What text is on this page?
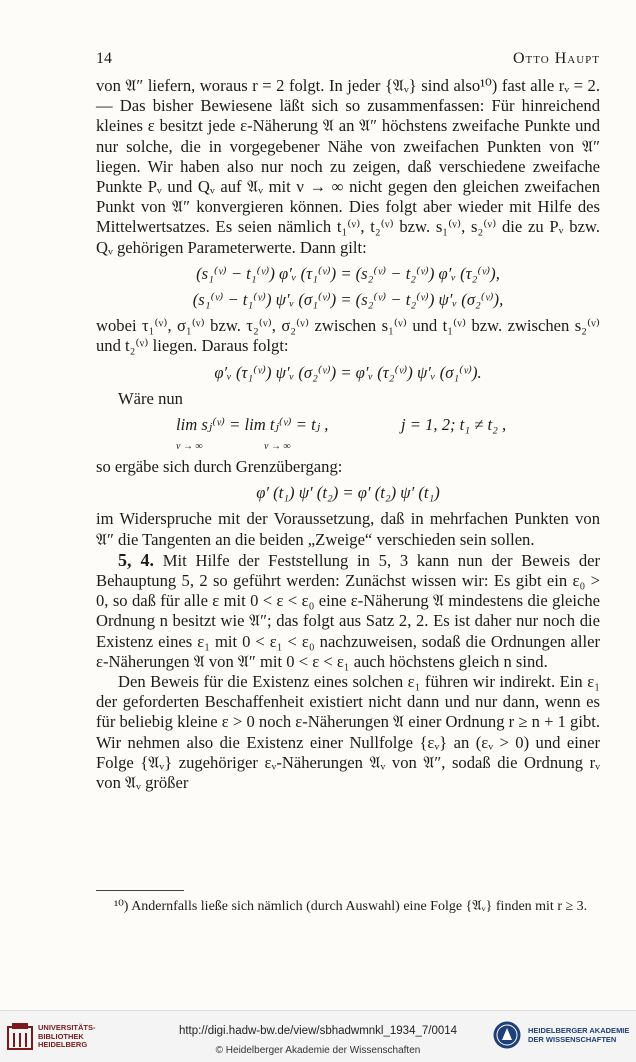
14	Otto Haupt

von 𝔄″ liefern, woraus r = 2 folgt. In jeder {𝔄ᵥ} sind also¹⁰) fast alle rᵥ = 2. — Das bisher Bewiesene läßt sich so zusammenfassen: Für hinreichend kleines ε besitzt jede ε-Näherung 𝔄 an 𝔄″ höchstens zweifache Punkte und nur solche, die in vorgegebener Nähe von zweifachen Punkten von 𝔄″ liegen. Wir haben also nur noch zu zeigen, daß verschiedene zweifache Punkte Pᵥ und Qᵥ auf 𝔄ᵥ mit ν → ∞ nicht gegen den gleichen zweifachen Punkt von 𝔄″ konvergieren können. Dies folgt aber wieder mit Hilfe des Mittelwertsatzes. Es seien nämlich t₁⁽ᵛ⁾, t₂⁽ᵛ⁾ bzw. s₁⁽ᵛ⁾, s₂⁽ᵛ⁾ die zu Pᵥ bzw. Qᵥ gehörigen Parameterwerte. Dann gilt:

(s₁⁽ᵛ⁾ − t₁⁽ᵛ⁾) φ′ᵥ (τ₁⁽ᵛ⁾) = (s₂⁽ᵛ⁾ − t₂⁽ᵛ⁾) φ′ᵥ (τ₂⁽ᵛ⁾),
(s₁⁽ᵛ⁾ − t₁⁽ᵛ⁾) ψ′ᵥ (σ₁⁽ᵛ⁾) = (s₂⁽ᵛ⁾ − t₂⁽ᵛ⁾) ψ′ᵥ (σ₂⁽ᵛ⁾),

wobei τ₁⁽ᵛ⁾, σ₁⁽ᵛ⁾ bzw. τ₂⁽ᵛ⁾, σ₂⁽ᵛ⁾ zwischen s₁⁽ᵛ⁾ und t₁⁽ᵛ⁾ bzw. zwischen s₂⁽ᵛ⁾ und t₂⁽ᵛ⁾ liegen. Daraus folgt:

φ′ᵥ (τ₁⁽ᵛ⁾) ψ′ᵥ (σ₂⁽ᵛ⁾) = φ′ᵥ (τ₂⁽ᵛ⁾) ψ′ᵥ (σ₁⁽ᵛ⁾).

Wäre nun

lim sⱼ⁽ᵛ⁾ = lim tⱼ⁽ᵛ⁾ = tⱼ ,
ν → ∞	ν → ∞
j = 1, 2; t₁ ≠ t₂ ,

so ergäbe sich durch Grenzübergang:

φ′ (t₁) ψ′ (t₂) = φ′ (t₂) ψ′ (t₁)

im Widerspruche mit der Voraussetzung, daß in mehrfachen Punkten von 𝔄″ die Tangenten an die beiden „Zweige“ verschieden sein sollen.

5, 4. Mit Hilfe der Feststellung in 5, 3 kann nun der Beweis der Behauptung 5, 2 so geführt werden: Zunächst wissen wir: Es gibt ein ε₀ > 0, so daß für alle ε mit 0 < ε < ε₀ eine ε-Näherung 𝔄 mindestens die gleiche Ordnung n besitzt wie 𝔄″; das folgt aus Satz 2, 2. Es ist daher nur noch die Existenz eines ε₁ mit 0 < ε₁ < ε₀ nachzuweisen, sodaß die Ordnungen aller ε-Näherungen 𝔄 von 𝔄″ mit 0 < ε < ε₁ auch höchstens gleich n sind.

Den Beweis für die Existenz eines solchen ε₁ führen wir indirekt. Ein ε₁ der geforderten Beschaffenheit existiert nicht dann und nur dann, wenn es für beliebig kleine ε > 0 noch ε-Näherungen 𝔄 einer Ordnung r ≥ n + 1 gibt. Wir nehmen also die Existenz einer Nullfolge {εᵥ} an (εᵥ > 0) und einer Folge {𝔄ᵥ} zugehöriger εᵥ-Näherungen 𝔄ᵥ von 𝔄″, sodaß die Ordnung rᵥ von 𝔄ᵥ größer

¹⁰) Andernfalls ließe sich nämlich (durch Auswahl) eine Folge {𝔄ᵥ} finden mit r ≥ 3.
UNIVERSITÄTS-
BIBLIOTHEK
HEIDELBERG
http://digi.hadw-bw.de/view/sbhadwmnkl_1934_7/0014
© Heidelberger Akademie der Wissenschaften
HEIDELBERGER AKADEMIE
DER WISSENSCHAFTEN
